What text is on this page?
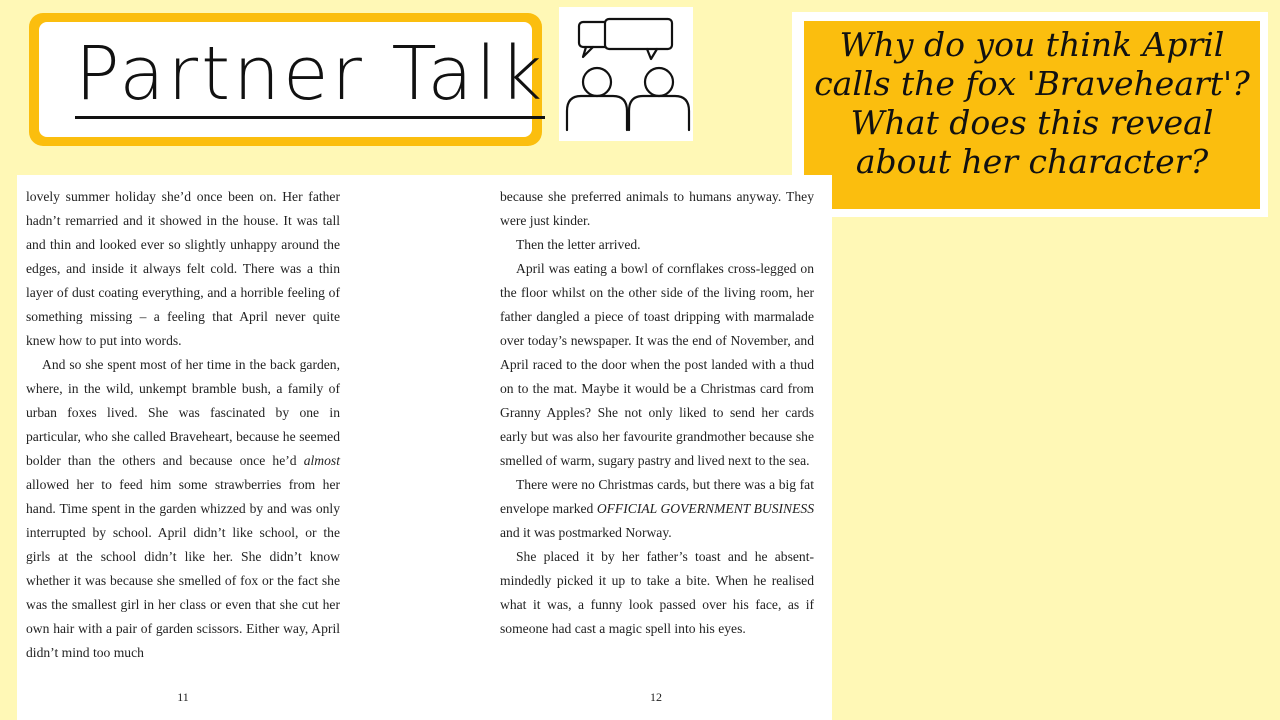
Partner Talk	Why do you think April
calls the fox 'Braveheart'?
What does this reveal
about her character?

lovely summer holiday she’d once been on. Her father hadn’t remarried and it showed in the house. It was tall and thin and looked ever so slightly unhappy around the edges, and inside it always felt cold. There was a thin layer of dust coating everything, and a horrible feeling of something missing – a feeling that April never quite knew how to put into words.

And so she spent most of her time in the back garden, where, in the wild, unkempt bramble bush, a family of urban foxes lived. She was fascinated by one in particular, who she called Braveheart, because he seemed bolder than the others and because once he’d almost allowed her to feed him some strawberries from her hand. Time spent in the garden whizzed by and was only interrupted by school. April didn’t like school, or the girls at the school didn’t like her. She didn’t know whether it was because she smelled of fox or the fact she was the smallest girl in her class or even that she cut her own hair with a pair of garden scissors. Either way, April didn’t mind too much

11

because she preferred animals to humans anyway. They were just kinder.

Then the letter arrived.

April was eating a bowl of cornflakes cross-legged on the floor whilst on the other side of the living room, her father dangled a piece of toast dripping with marmalade over today’s newspaper. It was the end of November, and April raced to the door when the post landed with a thud on to the mat. Maybe it would be a Christmas card from Granny Apples? She not only liked to send her cards early but was also her favourite grandmother because she smelled of warm, sugary pastry and lived next to the sea.

There were no Christmas cards, but there was a big fat envelope marked OFFICIAL GOVERNMENT BUSINESS and it was postmarked Norway.

She placed it by her father’s toast and he absent-mindedly picked it up to take a bite. When he realised what it was, a funny look passed over his face, as if someone had cast a magic spell into his eyes.

12
